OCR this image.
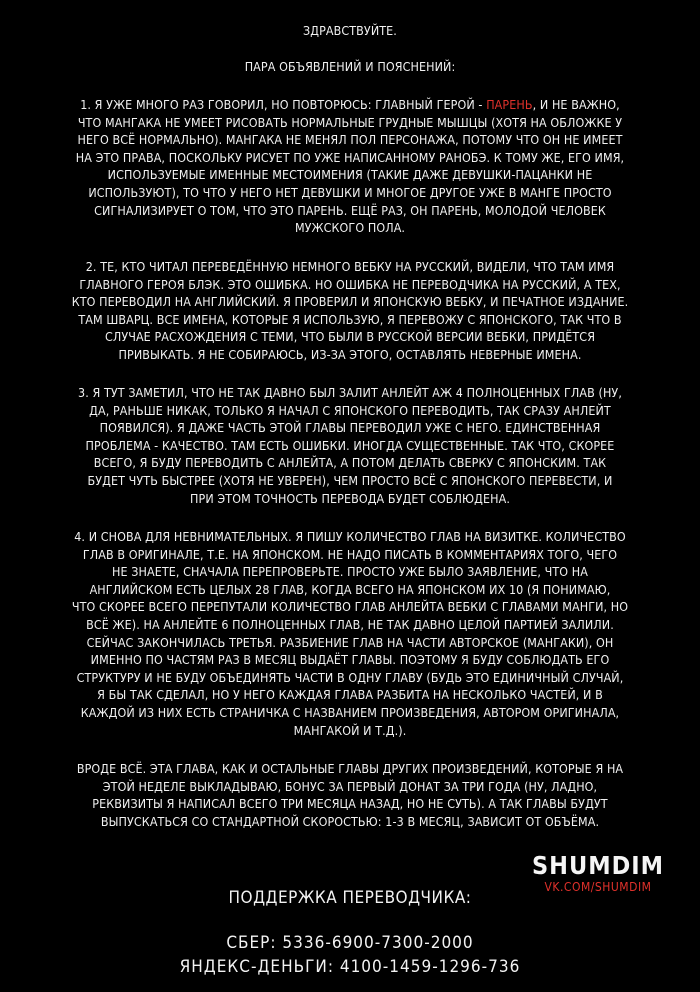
ЗДРАВСТВУЙТЕ.
ПАРА ОБЪЯВЛЕНИЙ И ПОЯСНЕНИЙ:
1. Я УЖЕ МНОГО РАЗ ГОВОРИЛ, НО ПОВТОРЮСЬ: ГЛАВНЫЙ ГЕРОЙ - ПАРЕНЬ, И НЕ ВАЖНО,
ЧТО МАНГАКА НЕ УМЕЕТ РИСОВАТЬ НОРМАЛЬНЫЕ ГРУДНЫЕ МЫШЦЫ (ХОТЯ НА ОБЛОЖКЕ У
НЕГО ВСЁ НОРМАЛЬНО). МАНГАКА НЕ МЕНЯЛ ПОЛ ПЕРСОНАЖА, ПОТОМУ ЧТО ОН НЕ ИМЕЕТ
НА ЭТО ПРАВА, ПОСКОЛЬКУ РИСУЕТ ПО УЖЕ НАПИСАННОМУ РАНОБЭ. К ТОМУ ЖЕ, ЕГО ИМЯ,
ИСПОЛЬЗУЕМЫЕ ИМЕННЫЕ МЕСТОИМЕНИЯ (ТАКИЕ ДАЖЕ ДЕВУШКИ-ПАЦАНКИ НЕ
ИСПОЛЬЗУЮТ), ТО ЧТО У НЕГО НЕТ ДЕВУШКИ И МНОГОЕ ДРУГОЕ УЖЕ В МАНГЕ ПРОСТО
СИГНАЛИЗИРУЕТ О ТОМ, ЧТО ЭТО ПАРЕНЬ. ЕЩЁ РАЗ, ОН ПАРЕНЬ, МОЛОДОЙ ЧЕЛОВЕК
МУЖСКОГО ПОЛА.
2. ТЕ, КТО ЧИТАЛ ПЕРЕВЕДЁННУЮ НЕМНОГО ВЕБКУ НА РУССКИЙ, ВИДЕЛИ, ЧТО ТАМ ИМЯ
ГЛАВНОГО ГЕРОЯ БЛЭК. ЭТО ОШИБКА. НО ОШИБКА НЕ ПЕРЕВОДЧИКА НА РУССКИЙ, А ТЕХ,
КТО ПЕРЕВОДИЛ НА АНГЛИЙСКИЙ. Я ПРОВЕРИЛ И ЯПОНСКУЮ ВЕБКУ, И ПЕЧАТНОЕ ИЗДАНИЕ.
ТАМ ШВАРЦ. ВСЕ ИМЕНА, КОТОРЫЕ Я ИСПОЛЬЗУЮ, Я ПЕРЕВОЖУ С ЯПОНСКОГО, ТАК ЧТО В
СЛУЧАЕ РАСХОЖДЕНИЯ С ТЕМИ, ЧТО БЫЛИ В РУССКОЙ ВЕРСИИ ВЕБКИ, ПРИДЁТСЯ
ПРИВЫКАТЬ. Я НЕ СОБИРАЮСЬ, ИЗ-ЗА ЭТОГО, ОСТАВЛЯТЬ НЕВЕРНЫЕ ИМЕНА.
3. Я ТУТ ЗАМЕТИЛ, ЧТО НЕ ТАК ДАВНО БЫЛ ЗАЛИТ АНЛЕЙТ АЖ 4 ПОЛНОЦЕННЫХ ГЛАВ (НУ,
ДА, РАНЬШЕ НИКАК, ТОЛЬКО Я НАЧАЛ С ЯПОНСКОГО ПЕРЕВОДИТЬ, ТАК СРАЗУ АНЛЕЙТ
ПОЯВИЛСЯ). Я ДАЖЕ ЧАСТЬ ЭТОЙ ГЛАВЫ ПЕРЕВОДИЛ УЖЕ С НЕГО. ЕДИНСТВЕННАЯ
ПРОБЛЕМА - КАЧЕСТВО. ТАМ ЕСТЬ ОШИБКИ. ИНОГДА СУЩЕСТВЕННЫЕ. ТАК ЧТО, СКОРЕЕ
ВСЕГО, Я БУДУ ПЕРЕВОДИТЬ С АНЛЕЙТА, А ПОТОМ ДЕЛАТЬ СВЕРКУ С ЯПОНСКИМ. ТАК
БУДЕТ ЧУТЬ БЫСТРЕЕ (ХОТЯ НЕ УВЕРЕН), ЧЕМ ПРОСТО ВСЁ С ЯПОНСКОГО ПЕРЕВЕСТИ, И
ПРИ ЭТОМ ТОЧНОСТЬ ПЕРЕВОДА БУДЕТ СОБЛЮДЕНА.
4. И СНОВА ДЛЯ НЕВНИМАТЕЛЬНЫХ. Я ПИШУ КОЛИЧЕСТВО ГЛАВ НА ВИЗИТКЕ. КОЛИЧЕСТВО
ГЛАВ В ОРИГИНАЛЕ, Т.Е. НА ЯПОНСКОМ. НЕ НАДО ПИСАТЬ В КОММЕНТАРИЯХ ТОГО, ЧЕГО
НЕ ЗНАЕТЕ, СНАЧАЛА ПЕРЕПРОВЕРЬТЕ. ПРОСТО УЖЕ БЫЛО ЗАЯВЛЕНИЕ, ЧТО НА
АНГЛИЙСКОМ ЕСТЬ ЦЕЛЫХ 28 ГЛАВ, КОГДА ВСЕГО НА ЯПОНСКОМ ИХ 10 (Я ПОНИМАЮ,
ЧТО СКОРЕЕ ВСЕГО ПЕРЕПУТАЛИ КОЛИЧЕСТВО ГЛАВ АНЛЕЙТА ВЕБКИ С ГЛАВАМИ МАНГИ, НО
ВСЁ ЖЕ). НА АНЛЕЙТЕ 6 ПОЛНОЦЕННЫХ ГЛАВ, НЕ ТАК ДАВНО ЦЕЛОЙ ПАРТИЕЙ ЗАЛИЛИ.
СЕЙЧАС ЗАКОНЧИЛАСЬ ТРЕТЬЯ. РАЗБИЕНИЕ ГЛАВ НА ЧАСТИ АВТОРСКОЕ (МАНГАКИ), ОН
ИМЕННО ПО ЧАСТЯМ РАЗ В МЕСЯЦ ВЫДАЁТ ГЛАВЫ. ПОЭТОМУ Я БУДУ СОБЛЮДАТЬ ЕГО
СТРУКТУРУ И НЕ БУДУ ОБЪЕДИНЯТЬ ЧАСТИ В ОДНУ ГЛАВУ (БУДЬ ЭТО ЕДИНИЧНЫЙ СЛУЧАЙ,
Я БЫ ТАК СДЕЛАЛ, НО У НЕГО КАЖДАЯ ГЛАВА РАЗБИТА НА НЕСКОЛЬКО ЧАСТЕЙ, И В
КАЖДОЙ ИЗ НИХ ЕСТЬ СТРАНИЧКА С НАЗВАНИЕМ ПРОИЗВЕДЕНИЯ, АВТОРОМ ОРИГИНАЛА,
МАНГАКОЙ И Т.Д.).
ВРОДЕ ВСЁ. ЭТА ГЛАВА, КАК И ОСТАЛЬНЫЕ ГЛАВЫ ДРУГИХ ПРОИЗВЕДЕНИЙ, КОТОРЫЕ Я НА
ЭТОЙ НЕДЕЛЕ ВЫКЛАДЫВАЮ, БОНУС ЗА ПЕРВЫЙ ДОНАТ ЗА ТРИ ГОДА (НУ, ЛАДНО,
РЕКВИЗИТЫ Я НАПИСАЛ ВСЕГО ТРИ МЕСЯЦА НАЗАД, НО НЕ СУТЬ). А ТАК ГЛАВЫ БУДУТ
ВЫПУСКАТЬСЯ СО СТАНДАРТНОЙ СКОРОСТЬЮ: 1-3 В МЕСЯЦ, ЗАВИСИТ ОТ ОБЪЁМА.
SHUMDIM
VK.COM/SHUMDIM
ПОДДЕРЖКА ПЕРЕВОДЧИКА:
СБЕР: 5336-6900-7300-2000
ЯНДЕКС-ДЕНЬГИ: 4100-1459-1296-736
